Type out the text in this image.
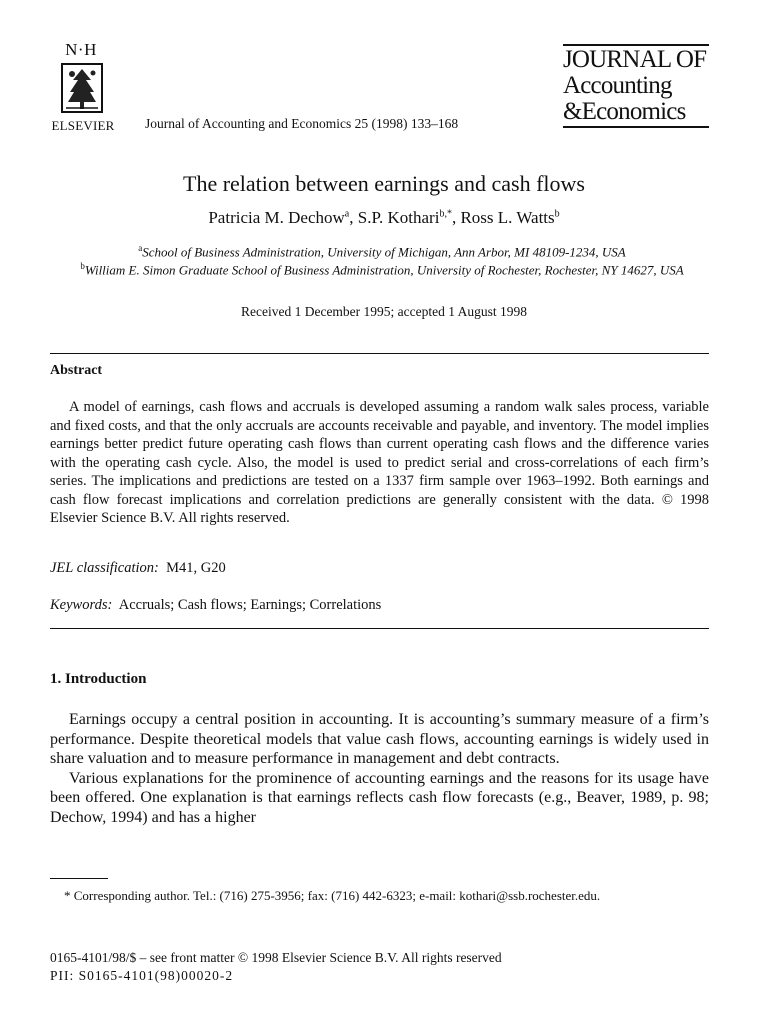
N·H
ELSEVIER	Journal of Accounting and Economics 25 (1998) 133–168
JOURNAL OF
Accounting
&Economics
The relation between earnings and cash flows
Patricia M. Dechow$^a$, S.P. Kothari$^{b,*}$, Ross L. Watts$^b$
$^a$School of Business Administration, University of Michigan, Ann Arbor, MI 48109-1234, USA
$^b$William E. Simon Graduate School of Business Administration, University of Rochester, Rochester, NY 14627, USA
Received 1 December 1995; accepted 1 August 1998
Abstract

A model of earnings, cash flows and accruals is developed assuming a random walk sales process, variable and fixed costs, and that the only accruals are accounts receivable and payable, and inventory. The model implies earnings better predict future operating cash flows than current operating cash flows and the difference varies with the operating cash cycle. Also, the model is used to predict serial and cross-correlations of each firm’s series. The implications and predictions are tested on a 1337 firm sample over 1963–1992. Both earnings and cash flow forecast implications and correlation predictions are generally consistent with the data. © 1998 Elsevier Science B.V. All rights reserved.

JEL classification: M41, G20
Keywords: Accruals; Cash flows; Earnings; Correlations
1. Introduction

Earnings occupy a central position in accounting. It is accounting’s summary measure of a firm’s performance. Despite theoretical models that value cash flows, accounting earnings is widely used in share valuation and to measure performance in management and debt contracts.

Various explanations for the prominence of accounting earnings and the reasons for its usage have been offered. One explanation is that earnings reflects cash flow forecasts (e.g., Beaver, 1989, p. 98; Dechow, 1994) and has a higher

* Corresponding author. Tel.: (716) 275-3956; fax: (716) 442-6323; e-mail: kothari@ssb.rochester.edu.

0165-4101/98/$ – see front matter © 1998 Elsevier Science B.V. All rights reserved
PII: S0165-4101(98)00020-2
